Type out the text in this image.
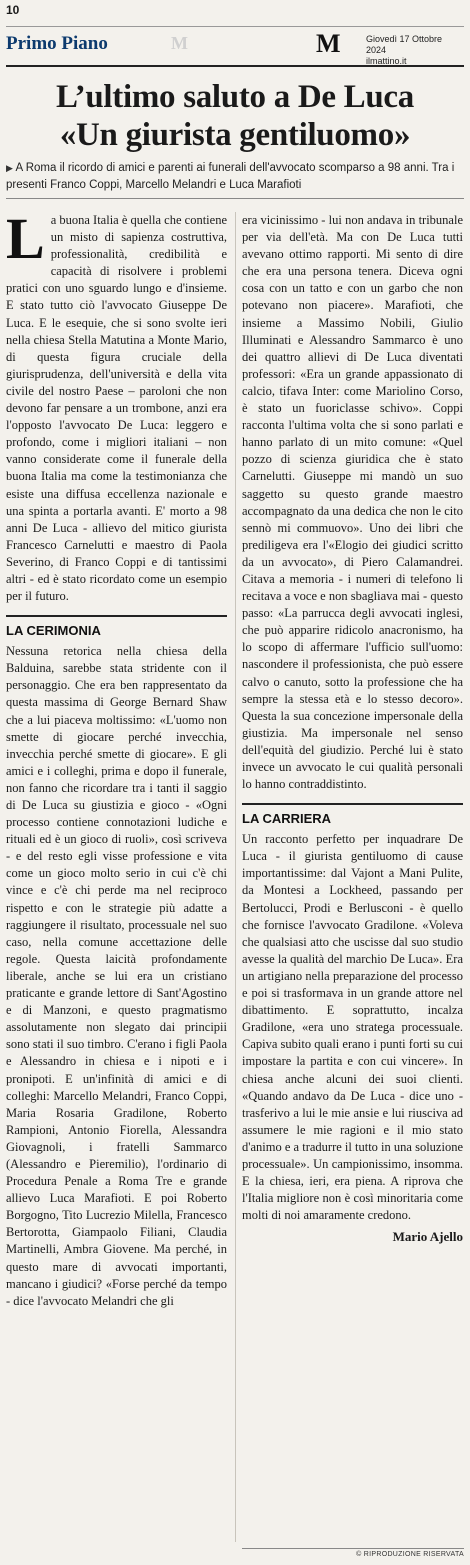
10
Primo Piano	M	M	Giovedì 17 Ottobre 2024
ilmattino.it
L’ultimo saluto a De Luca
«Un giurista gentiluomo»
▶ A Roma il ricordo di amici e parenti ai funerali dell'avvocato scomparso a 98 anni. Tra i presenti Franco Coppi, Marcello Melandri e Luca Marafioti

La buona Italia è quella che contiene un misto di sapienza costruttiva, professionalità, credibilità e capacità di risolvere i problemi pratici con uno sguardo lungo e d'insieme. E stato tutto ciò l'avvocato Giuseppe De Luca. E le esequie, che si sono svolte ieri nella chiesa Stella Matutina a Monte Mario, di questa figura cruciale della giurisprudenza, dell'università e della vita civile del nostro Paese – paroloni che non devono far pensare a un trombone, anzi era l'opposto l'avvocato De Luca: leggero e profondo, come i migliori italiani – non vanno considerate come il funerale della buona Italia ma come la testimonianza che esiste una diffusa eccellenza nazionale e una spinta a portarla avanti. E' morto a 98 anni De Luca - allievo del mitico giurista Francesco Carnelutti e maestro di Paola Severino, di Franco Coppi e di tantissimi altri - ed è stato ricordato come un esempio per il futuro.

LA CERIMONIA

Nessuna retorica nella chiesa della Balduina, sarebbe stata stridente con il personaggio. Che era ben rappresentato da questa massima di George Bernard Shaw che a lui piaceva moltissimo: «L'uomo non smette di giocare perché invecchia, invecchia perché smette di giocare». E gli amici e i colleghi, prima e dopo il funerale, non fanno che ricordare tra i tanti il saggio di De Luca su giustizia e gioco - «Ogni processo contiene connotazioni ludiche e rituali ed è un gioco di ruoli», così scriveva - e del resto egli visse professione e vita come un gioco molto serio in cui c'è chi vince e c'è chi perde ma nel reciproco rispetto e con le strategie più adatte a raggiungere il risultato, processuale nel suo caso, nella comune accettazione delle regole. Questa laicità profondamente liberale, anche se lui era un cristiano praticante e grande lettore di Sant'Agostino e di Manzoni, e questo pragmatismo assolutamente non slegato dai principii sono stati il suo timbro. C'erano i figli Paola e Alessandro in chiesa e i nipoti e i pronipoti. E un'infinità di amici e di colleghi: Marcello Melandri, Franco Coppi, Maria Rosaria Gradilone, Roberto Rampioni, Antonio Fiorella, Alessandra Giovagnoli, i fratelli Sammarco (Alessandro e Pieremilio), l'ordinario di Procedura Penale a Roma Tre e grande allievo Luca Marafioti. E poi Roberto Borgogno, Tito Lucrezio Milella, Francesco Bertorotta, Giampaolo Filiani, Claudia Martinelli, Ambra Giovene. Ma perché, in questo mare di avvocati importanti, mancano i giudici? «Forse perché da tempo - dice l'avvocato Melandri che gli

era vicinissimo - lui non andava in tribunale per via dell'età. Ma con De Luca tutti avevano ottimo rapporti. Mi sento di dire che era una persona tenera. Diceva ogni cosa con un tatto e con un garbo che non potevano non piacere». Marafioti, che insieme a Massimo Nobili, Giulio Illuminati e Alessandro Sammarco è uno dei quattro allievi di De Luca diventati professori: «Era un grande appassionato di calcio, tifava Inter: come Mariolino Corso, è stato un fuoriclasse schivo». Coppi racconta l'ultima volta che si sono parlati e hanno parlato di un mito comune: «Quel pozzo di scienza giuridica che è stato Carnelutti. Giuseppe mi mandò un suo saggetto su questo grande maestro accompagnato da una dedica che non le cito sennò mi commuovo». Uno dei libri che prediligeva era l'«Elogio dei giudici scritto da un avvocato», di Piero Calamandrei. Citava a memoria - i numeri di telefono li recitava a voce e non sbagliava mai - questo passo: «La parrucca degli avvocati inglesi, che può apparire ridicolo anacronismo, ha lo scopo di affermare l'ufficio sull'uomo: nascondere il professionista, che può essere calvo o canuto, sotto la professione che ha sempre la stessa età e lo stesso decoro». Questa la sua concezione impersonale della giustizia. Ma impersonale nel senso dell'equità del giudizio. Perché lui è stato invece un avvocato le cui qualità personali lo hanno contraddistinto.

LA CARRIERA

Un racconto perfetto per inquadrare De Luca - il giurista gentiluomo di cause importantissime: dal Vajont a Mani Pulite, da Montesi a Lockheed, passando per Bertolucci, Prodi e Berlusconi - è quello che fornisce l'avvocato Gradilone. «Voleva che qualsiasi atto che uscisse dal suo studio avesse la qualità del marchio De Luca». Era un artigiano nella preparazione del processo e poi si trasformava in un grande attore nel dibattimento. E soprattutto, incalza Gradilone, «era uno stratega processuale. Capiva subito quali erano i punti forti su cui impostare la partita e con cui vincere». In chiesa anche alcuni dei suoi clienti. «Quando andavo da De Luca - dice uno - trasferivo a lui le mie ansie e lui riusciva ad assumere le mie ragioni e il mio stato d'animo e a tradurre il tutto in una soluzione processuale». Un campionissimo, insomma. E la chiesa, ieri, era piena. A riprova che l'Italia migliore non è così minoritaria come molti di noi amaramente credono.

Mario Ajello
© RIPRODUZIONE RISERVATA
